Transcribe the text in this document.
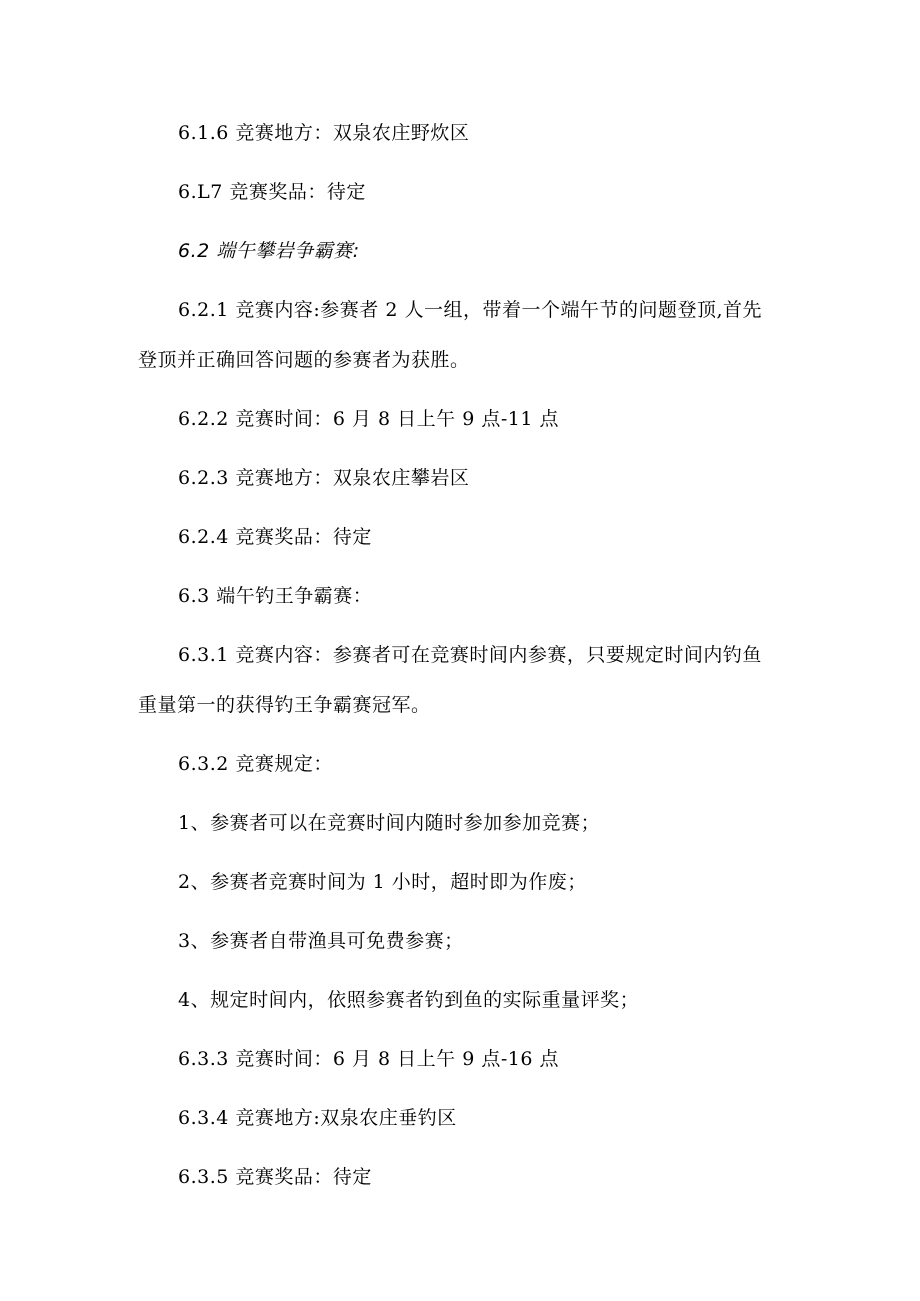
6.1.6 竞赛地方：双泉农庄野炊区
6.L7 竞赛奖品：待定
6.2 端午攀岩争霸赛:
6.2.1 竞赛内容:参赛者 2 人一组，带着一个端午节的问题登顶,首先
登顶并正确回答问题的参赛者为获胜。
6.2.2 竞赛时间：6 月 8 日上午 9 点-11 点
6.2.3 竞赛地方：双泉农庄攀岩区
6.2.4 竞赛奖品：待定
6.3 端午钓王争霸赛：
6.3.1 竞赛内容：参赛者可在竞赛时间内参赛，只要规定时间内钓鱼
重量第一的获得钓王争霸赛冠军。
6.3.2 竞赛规定：
1、参赛者可以在竞赛时间内随时参加参加竞赛；
2、参赛者竞赛时间为 1 小时，超时即为作废；
3、参赛者自带渔具可免费参赛；
4、规定时间内，依照参赛者钓到鱼的实际重量评奖；
6.3.3 竞赛时间：6 月 8 日上午 9 点-16 点
6.3.4 竞赛地方:双泉农庄垂钓区
6.3.5 竞赛奖品：待定
